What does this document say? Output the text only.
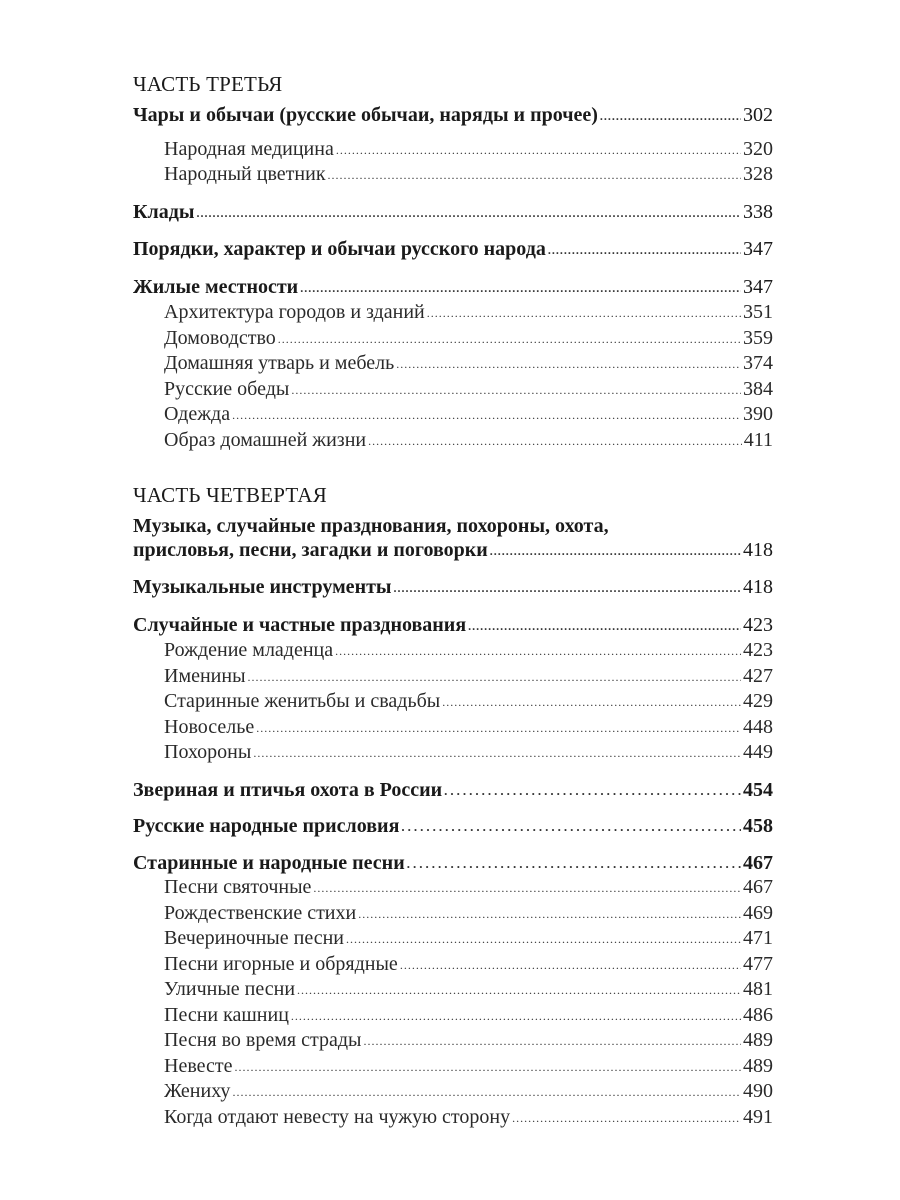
ЧАСТЬ ТРЕТЬЯ
Чары и обычаи (русские обычаи, наряды и прочее) .....	302
Народная медицина .....	320
Народный цветник .....	328
Клады .....	338
Порядки, характер и обычаи русского народа .....	347
Жилые местности .....	347
Архитектура городов и зданий .....	351
Домоводство .....	359
Домашняя утварь и мебель .....	374
Русские обеды .....	384
Одежда .....	390
Образ домашней жизни .....	411
ЧАСТЬ ЧЕТВЕРТАЯ
Музыка, случайные празднования, похороны, охота,
присловья, песни, загадки и поговорки .....	418
Музыкальные инструменты .....	418
Случайные и частные празднования .....	423
Рождение младенца .....	423
Именины .....	427
Старинные женитьбы и свадьбы .....	429
Новоселье .....	448
Похороны .....	449
Звериная и птичья охота в России .....	454
Русские народные присловия .....	458
Старинные и народные песни .....	467
Песни святочные .....	467
Рождественские стихи .....	469
Вечериночные песни .....	471
Песни игорные и обрядные .....	477
Уличные песни .....	481
Песни кашниц .....	486
Песня во время страды .....	489
Невесте .....	489
Жениху .....	490
Когда отдают невесту на чужую сторону .....	491
